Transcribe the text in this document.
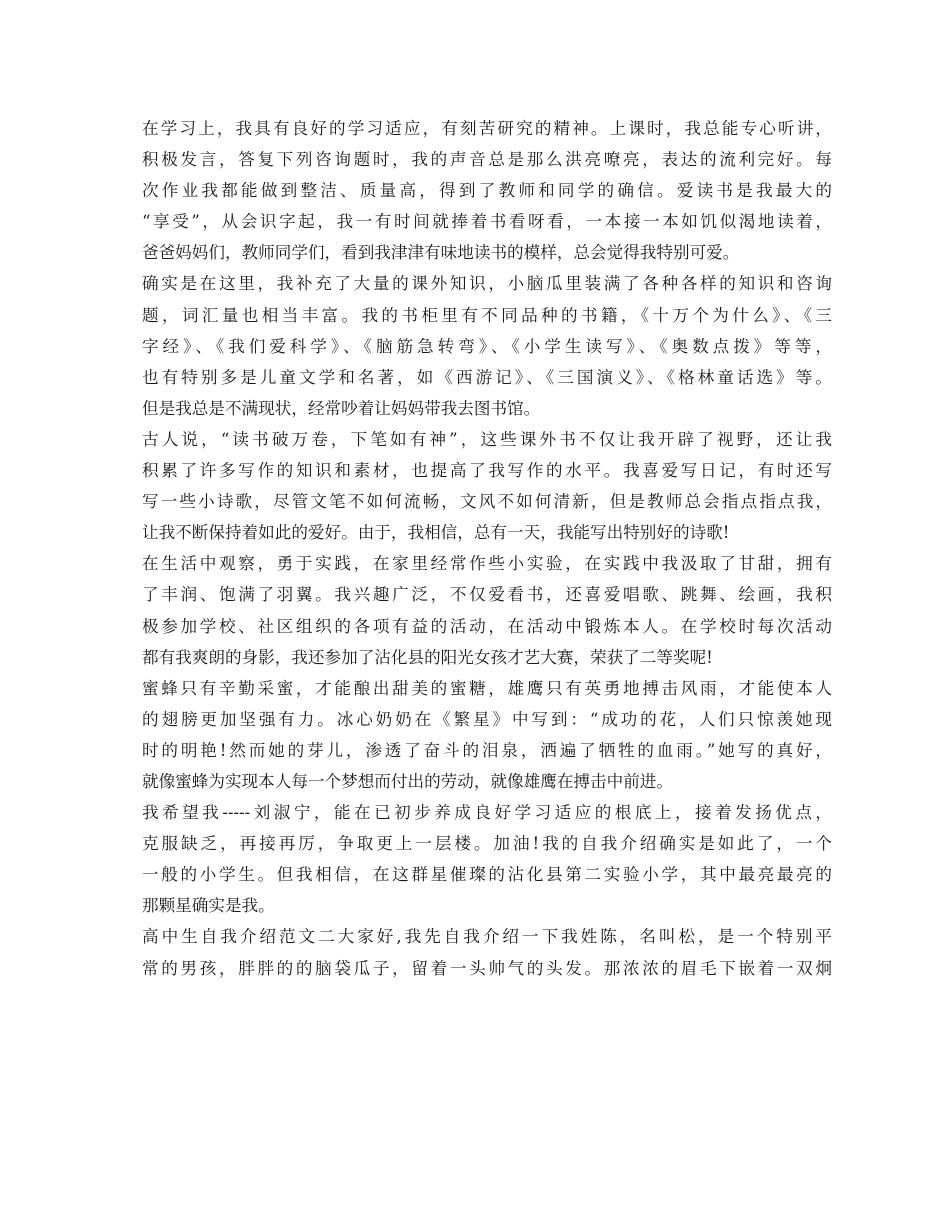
在学习上，我具有良好的学习适应，有刻苦研究的精神。上课时，我总能专心听讲，
积极发言，答复下列咨询题时，我的声音总是那么洪亮嘹亮，表达的流利完好。每
次作业我都能做到整洁、质量高，得到了教师和同学的确信。爱读书是我最大的
“享受”，从会识字起，我一有时间就捧着书看呀看，一本接一本如饥似渴地读着，
爸爸妈妈们，教师同学们，看到我津津有味地读书的模样，总会觉得我特别可爱。
确实是在这里，我补充了大量的课外知识，小脑瓜里装满了各种各样的知识和咨询
题，词汇量也相当丰富。我的书柜里有不同品种的书籍，《十万个为什么》、《三
字经》、《我们爱科学》、《脑筋急转弯》、《小学生读写》、《奥数点拨》等等，
也有特别多是儿童文学和名著，如《西游记》、《三国演义》、《格林童话选》等。
但是我总是不满现状，经常吵着让妈妈带我去图书馆。
古人说，“读书破万卷，下笔如有神”，这些课外书不仅让我开辟了视野，还让我
积累了许多写作的知识和素材，也提高了我写作的水平。我喜爱写日记，有时还写
写一些小诗歌，尽管文笔不如何流畅，文风不如何清新，但是教师总会指点指点我，
让我不断保持着如此的爱好。由于，我相信，总有一天，我能写出特别好的诗歌!
在生活中观察，勇于实践，在家里经常作些小实验，在实践中我汲取了甘甜，拥有
了丰润、饱满了羽翼。我兴趣广泛，不仅爱看书，还喜爱唱歌、跳舞、绘画，我积
极参加学校、社区组织的各项有益的活动，在活动中锻炼本人。在学校时每次活动
都有我爽朗的身影，我还参加了沾化县的阳光女孩才艺大赛，荣获了二等奖呢!
蜜蜂只有辛勤采蜜，才能酿出甜美的蜜糖，雄鹰只有英勇地搏击风雨，才能使本人
的翅膀更加坚强有力。冰心奶奶在《繁星》中写到：“成功的花，人们只惊羡她现
时的明艳!然而她的芽儿，渗透了奋斗的泪泉，洒遍了牺牲的血雨。”她写的真好，
就像蜜蜂为实现本人每一个梦想而付出的劳动，就像雄鹰在搏击中前进。
我希望我-----刘淑宁，能在已初步养成良好学习适应的根底上，接着发扬优点，
克服缺乏，再接再厉，争取更上一层楼。加油!我的自我介绍确实是如此了，一个
一般的小学生。但我相信，在这群星催璨的沾化县第二实验小学，其中最亮最亮的
那颗星确实是我。
高中生自我介绍范文二大家好,我先自我介绍一下我姓陈，名叫松，是一个特别平
常的男孩，胖胖的的脑袋瓜子，留着一头帅气的头发。那浓浓的眉毛下嵌着一双炯
